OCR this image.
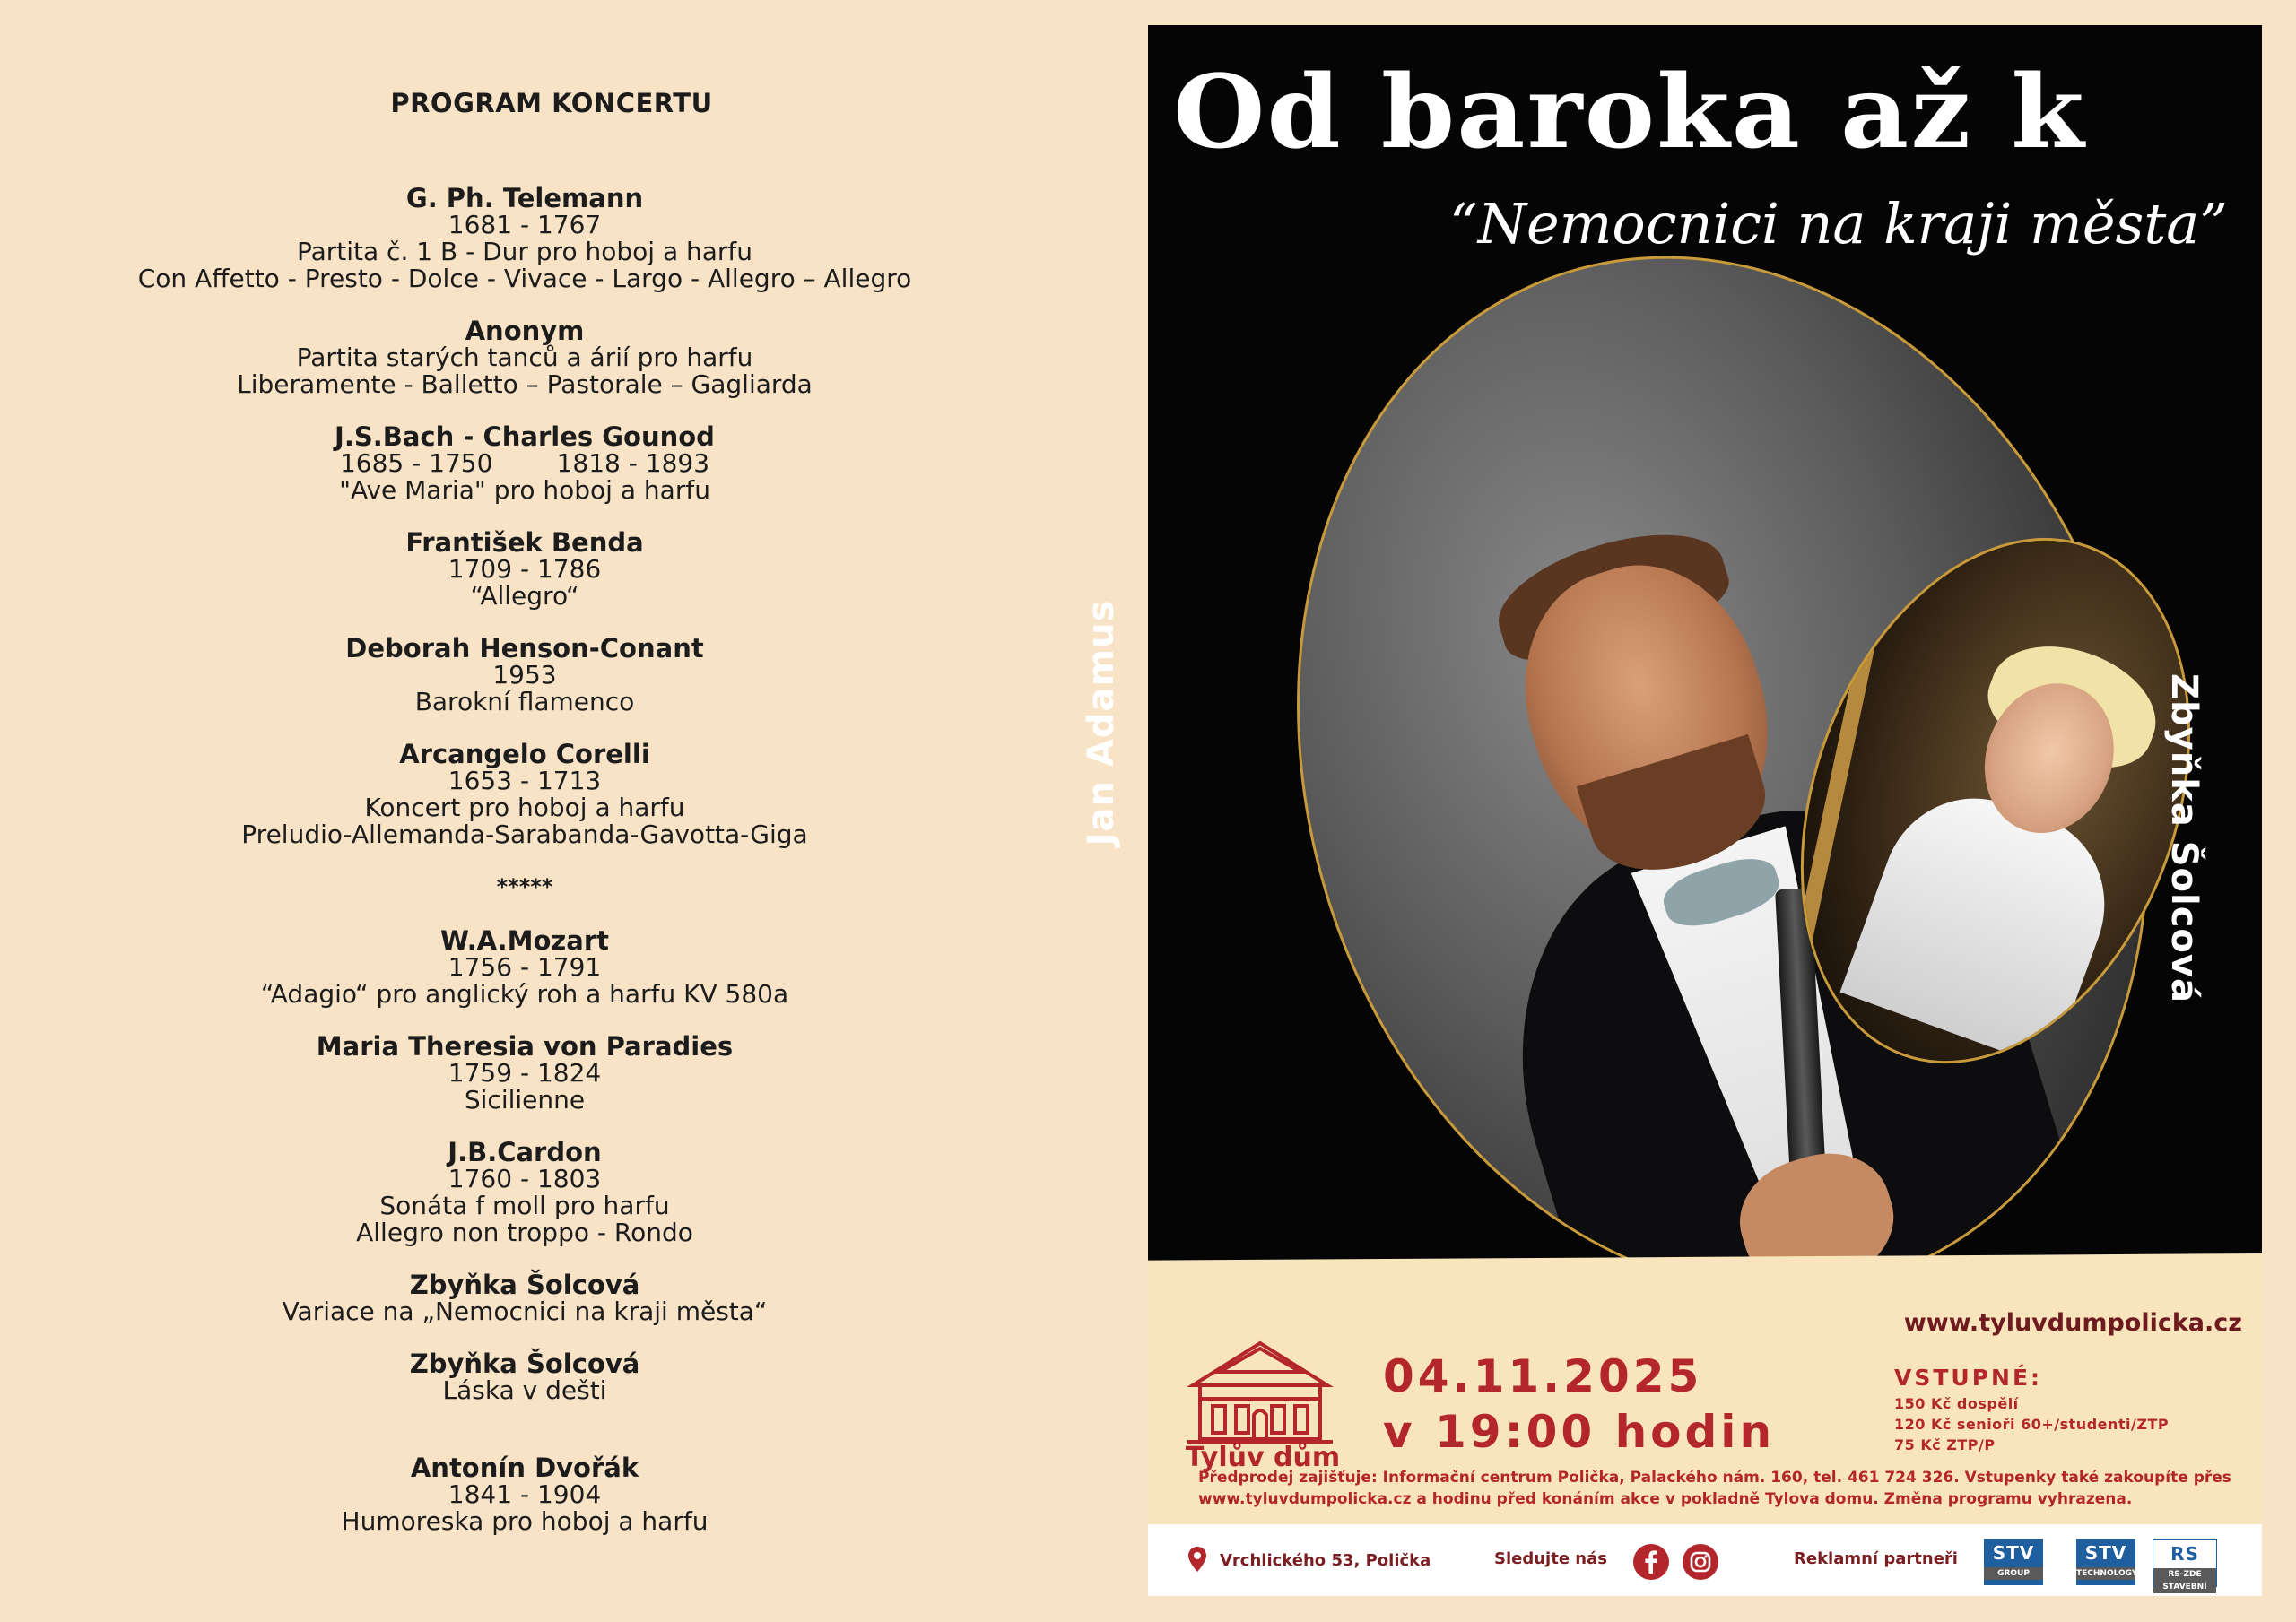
PROGRAM KONCERTU
G. Ph. Telemann
1681 - 1767
Partita č. 1 B - Dur pro hoboj a harfu
Con Affetto - Presto - Dolce - Vivace - Largo - Allegro – Allegro
Anonym
Partita starých tanců a árií pro harfu
Liberamente - Balletto – Pastorale – Gagliarda
J.S.Bach - Charles Gounod
1685 - 1750        1818 - 1893
"Ave Maria" pro hoboj a harfu
František Benda
1709 - 1786
“Allegro“
Deborah Henson-Conant
1953
Barokní flamenco
Arcangelo Corelli
1653 - 1713
Koncert pro hoboj a harfu
Preludio-Allemanda-Sarabanda-Gavotta-Giga
*****
W.A.Mozart
1756 - 1791
“Adagio“ pro anglický roh a harfu KV 580a
Maria Theresia von Paradies
1759 - 1824
Sicilienne
J.B.Cardon
1760 - 1803
Sonáta f moll pro harfu
Allegro non troppo - Rondo
Zbyňka Šolcová
Variace na „Nemocnici na kraji města“
Zbyňka Šolcová
Láska v dešti
Antonín Dvořák
1841 - 1904
Humoreska pro hoboj a harfu
Od baroka až k
“Nemocnici na kraji města”
www.tyluvdumpolicka.cz
Tylův dům
04.11.2025
v 19:00 hodin
VSTUPNÉ:
150 Kč dospělí
120 Kč senioři 60+/studenti/ZTP
75 Kč ZTP/P
Předprodej zajišťuje: Informační centrum Polička, Palackého nám. 160, tel. 461 724 326. Vstupenky také zakoupíte přes
www.tyluvdumpolicka.cz a hodinu před konáním akce v pokladně Tylova domu. Změna programu vyhrazena.
Vrchlického 53, Polička	Sledujte nás	Reklamní partneři	STV
GROUP
STV
TECHNOLOGY
RS
RS-ZDE STAVEBNÍ
Jan Adamus	Zbyňka Šolcová
